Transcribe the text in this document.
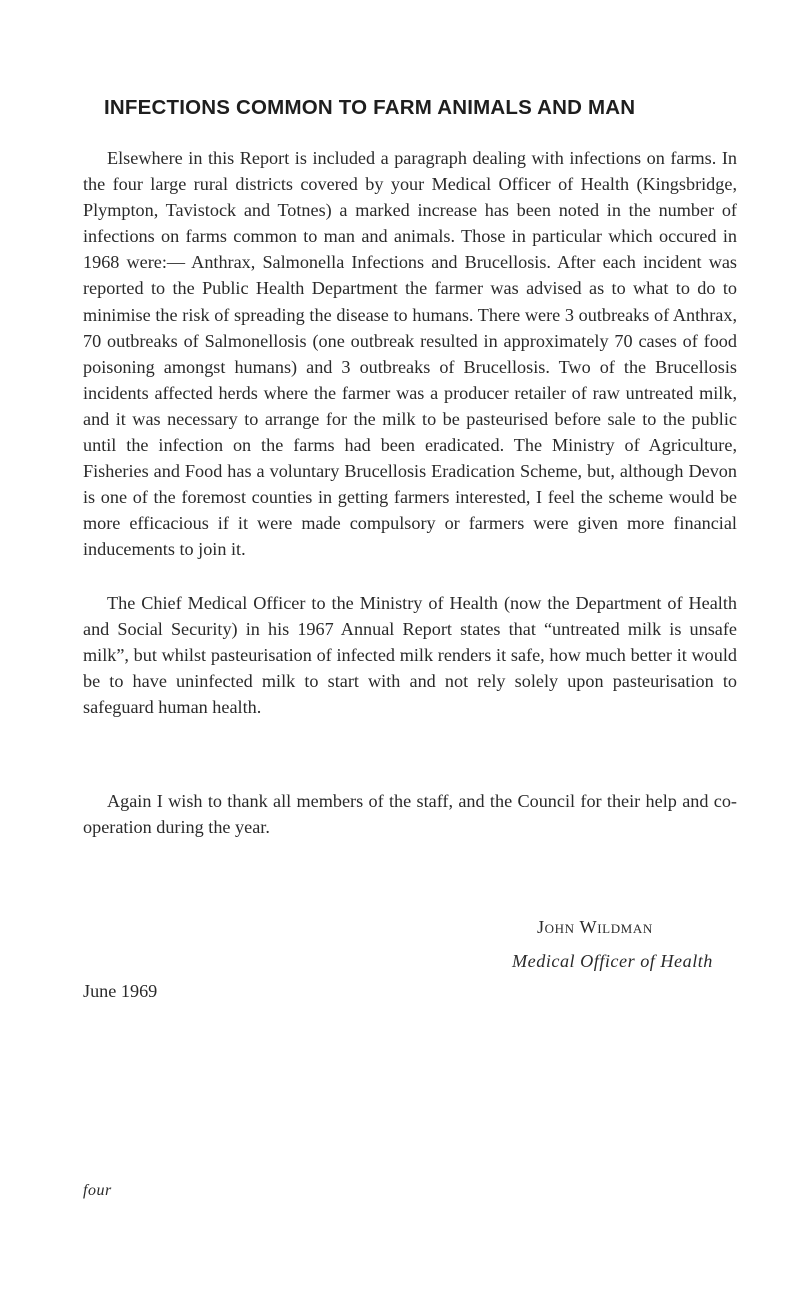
INFECTIONS COMMON TO FARM ANIMALS AND MAN

Elsewhere in this Report is included a paragraph dealing with infections on farms. In the four large rural districts covered by your Medical Officer of Health (Kingsbridge, Plympton, Tavistock and Totnes) a marked increase has been noted in the number of infections on farms common to man and animals. Those in particular which occured in 1968 were:— Anthrax, Salmonella Infections and Brucellosis. After each incident was reported to the Public Health Department the farmer was advised as to what to do to minimise the risk of spreading the disease to humans. There were 3 outbreaks of Anthrax, 70 outbreaks of Salmonellosis (one outbreak resulted in approximately 70 cases of food poisoning amongst humans) and 3 outbreaks of Brucellosis. Two of the Brucellosis incidents affected herds where the farmer was a producer retailer of raw untreated milk, and it was necessary to arrange for the milk to be pasteurised before sale to the public until the infection on the farms had been eradicated. The Ministry of Agriculture, Fisheries and Food has a voluntary Brucellosis Eradication Scheme, but, although Devon is one of the foremost counties in getting farmers interested, I feel the scheme would be more efficacious if it were made compulsory or farmers were given more financial inducements to join it.

The Chief Medical Officer to the Ministry of Health (now the Department of Health and Social Security) in his 1967 Annual Report states that “untreated milk is unsafe milk”, but whilst pasteurisation of infected milk renders it safe, how much better it would be to have uninfected milk to start with and not rely solely upon pasteurisation to safeguard human health.

Again I wish to thank all members of the staff, and the Council for their help and co-operation during the year.

John Wildman

Medical Officer of Health

June 1969

four
